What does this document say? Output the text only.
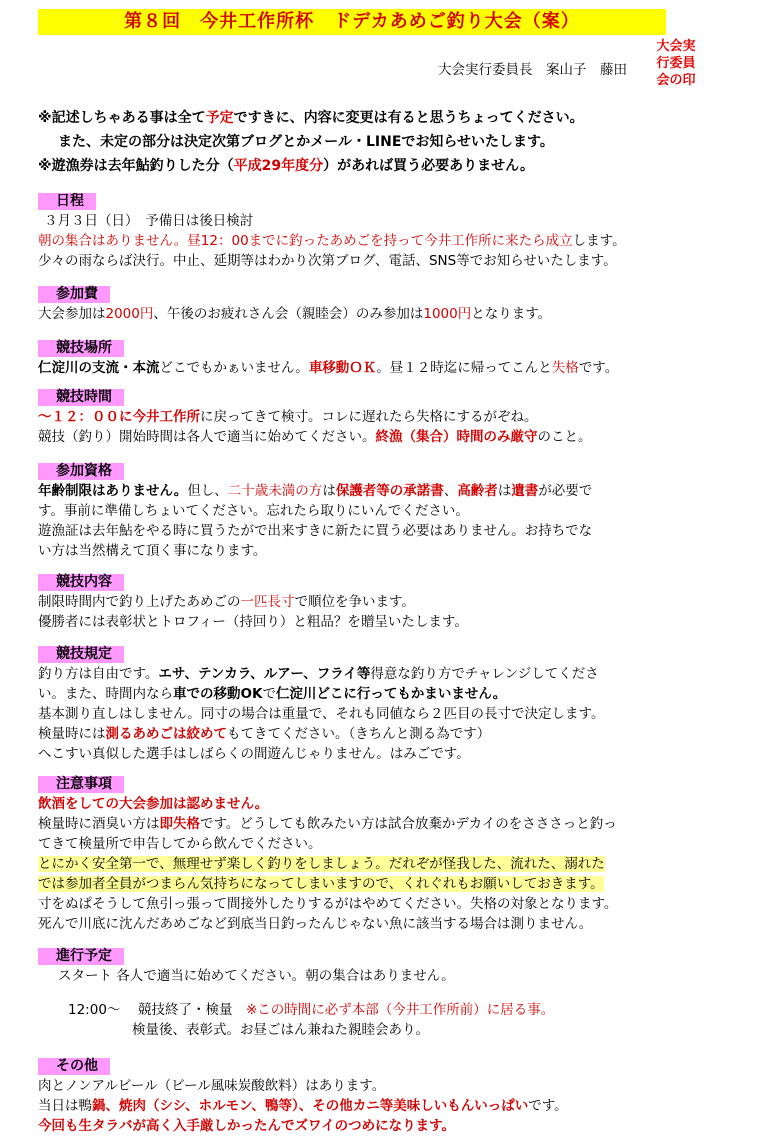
第８回　今井工作所杯　ドデカあめご釣り大会（案）
大会実行委員長　案山子　藤田
大会実
行委員
会の印
※記述しちゃある事は全て予定ですきに、内容に変更は有ると思うちょってください。
また、未定の部分は決定次第ブログとかメール・LINEでお知らせいたします。
※遊漁券は去年鮎釣りした分（平成29年度分）があれば買う必要ありません。
日程
３月３日（日）　予備日は後日検討
朝の集合はありません。昼12：00までに釣ったあめごを持って今井工作所に来たら成立します。
少々の雨ならば決行。中止、延期等はわかり次第ブログ、電話、SNS等でお知らせいたします。
参加費
大会参加は2000円、午後のお疲れさん会（親睦会）のみ参加は1000円となります。
競技場所
仁淀川の支流・本流どこでもかぁいません。車移動ＯＫ。昼１２時迄に帰ってこんと失格です。
競技時間
～１２：００に今井工作所に戻ってきて検寸。コレに遅れたら失格にするがぞね。
競技（釣り）開始時間は各人で適当に始めてください。終漁（集合）時間のみ厳守のこと。
参加資格
年齢制限はありません。但し、二十歳未満の方は保護者等の承諾書、高齢者は遺書が必要で
す。事前に準備しちょいてください。忘れたら取りにいんでください。
遊漁証は去年鮎をやる時に買うたがで出来すきに新たに買う必要はありません。お持ちでな
い方は当然構えて頂く事になります。
競技内容
制限時間内で釣り上げたあめごの一匹長寸で順位を争います。
優勝者には表彰状とトロフィー（持回り）と粗品？を贈呈いたします。
競技規定
釣り方は自由です。エサ、テンカラ、ルアー、フライ等得意な釣り方でチャレンジしてくださ
い。また、時間内なら車での移動OKで仁淀川どこに行ってもかまいません。
基本測り直しはしません。同寸の場合は重量で、それも同値なら２匹目の長寸で決定します。
検量時には測るあめごは絞めてもてきてください。（きちんと測る為です）
へこすい真似した選手はしばらくの間遊んじゃりません。はみごです。
注意事項
飲酒をしての大会参加は認めません。
検量時に酒臭い方は即失格です。どうしても飲みたい方は試合放棄かデカイのをさささっと釣っ
てきて検量所で申告してから飲んでください。
とにかく安全第一で、無理せず楽しく釣りをしましょう。だれぞが怪我した、流れた、溺れた
では参加者全員がつまらん気持ちになってしまいますので、くれぐれもお願いしておきます。
寸をぬぱそうして魚引っ張って間接外したりするがはやめてください。失格の対象となります。
死んで川底に沈んだあめごなど到底当日釣ったんじゃない魚に該当する場合は測りません。
進行予定
スタート 各人で適当に始めてください。朝の集合はありません。
12:00～ 競技終了・検量　 ※この時間に必ず本部（今井工作所前）に居る事。
検量後、表彰式。お昼ごはん兼ねた親睦会あり。
その他
肉とノンアルビール（ビール風味炭酸飲料）はあります。
当日は鴨鍋、焼肉（シシ、ホルモン、鴨等）、その他カニ等美味しいもんいっぱいです。
今回も生タラバが高く入手厳しかったんでズワイのつめになります。
